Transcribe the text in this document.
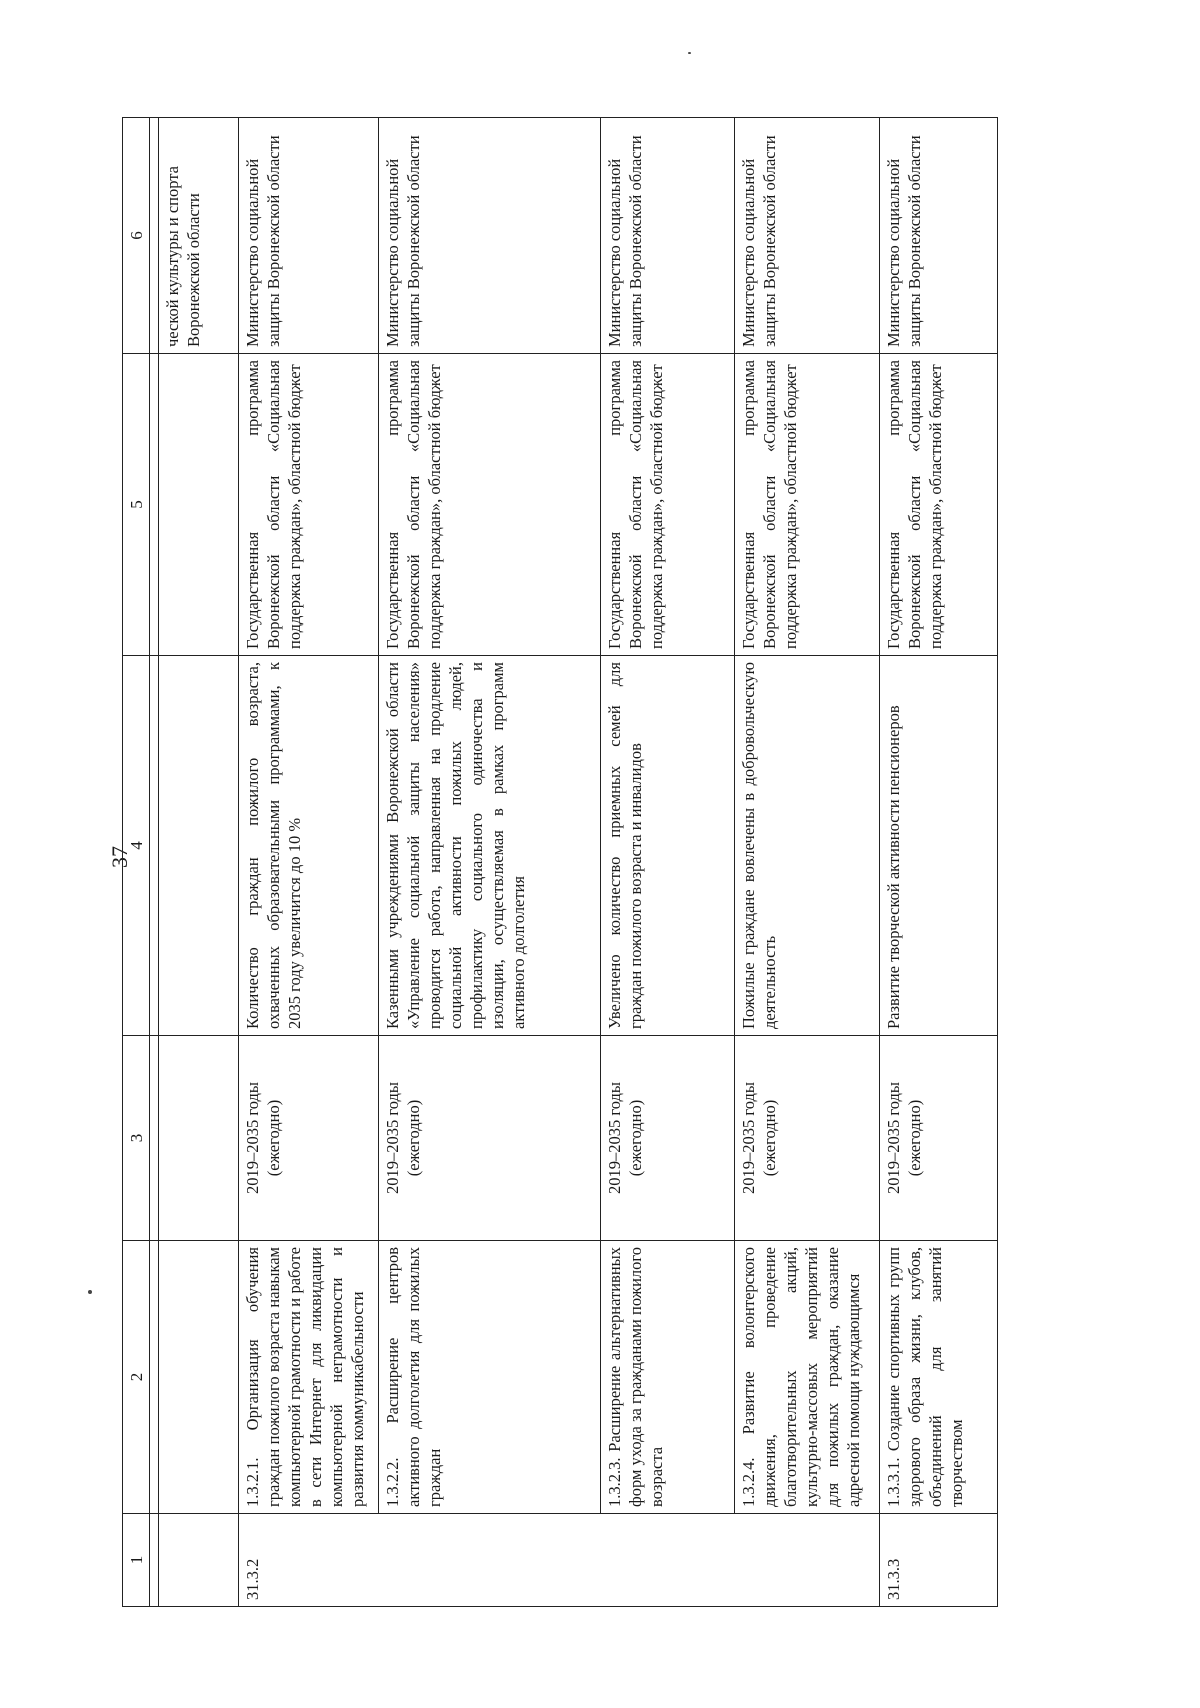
37
1	2	3	4	5	6

					ческой культуры и спорта Воронежской области
31.3.2	1.3.2.1. Организация обучения граждан пожилого возраста навыкам компьютерной грамотности и работе в сети Интернет для ликвидации компьютерной неграмотности и развития коммуникабельности	2019–2035 годы (ежегодно)	Количество граждан пожилого возраста, охваченных образовательными программами, к 2035 году увеличится до 10 %	Государственная программа Воронежской области «Социальная поддержка граждан», областной бюджет	Министерство социальной защиты Воронежской области
	1.3.2.2. Расширение центров активного долголетия для пожилых граждан	2019–2035 годы (ежегодно)	Казенными учреждениями Воронежской области «Управление социальной защиты населения» проводится работа, направленная на продление социальной активности пожилых людей, профилактику социального одиночества и изоляции, осуществляемая в рамках программ активного долголетия	Государственная программа Воронежской области «Социальная поддержка граждан», областной бюджет	Министерство социальной защиты Воронежской области
	1.3.2.3. Расширение альтернативных форм ухода за гражданами пожилого возраста	2019–2035 годы (ежегодно)	Увеличено количество приемных семей для граждан пожилого возраста и инвалидов	Государственная программа Воронежской области «Социальная поддержка граждан», областной бюджет	Министерство социальной защиты Воронежской области
	1.3.2.4. Развитие волонтерского движения, проведение благотворительных акций, культурно-массовых мероприятий для пожилых граждан, оказание адресной помощи нуждающимся	2019–2035 годы (ежегодно)	Пожилые граждане вовлечены в добровольческую деятельность	Государственная программа Воронежской области «Социальная поддержка граждан», областной бюджет	Министерство социальной защиты Воронежской области
31.3.3	1.3.3.1. Создание спортивных групп здорового образа жизни, клубов, объединений для занятий творчеством	2019–2035 годы (ежегодно)	Развитие творческой активности пенсионеров	Государственная программа Воронежской области «Социальная поддержка граждан», областной бюджет	Министерство социальной защиты Воронежской области
